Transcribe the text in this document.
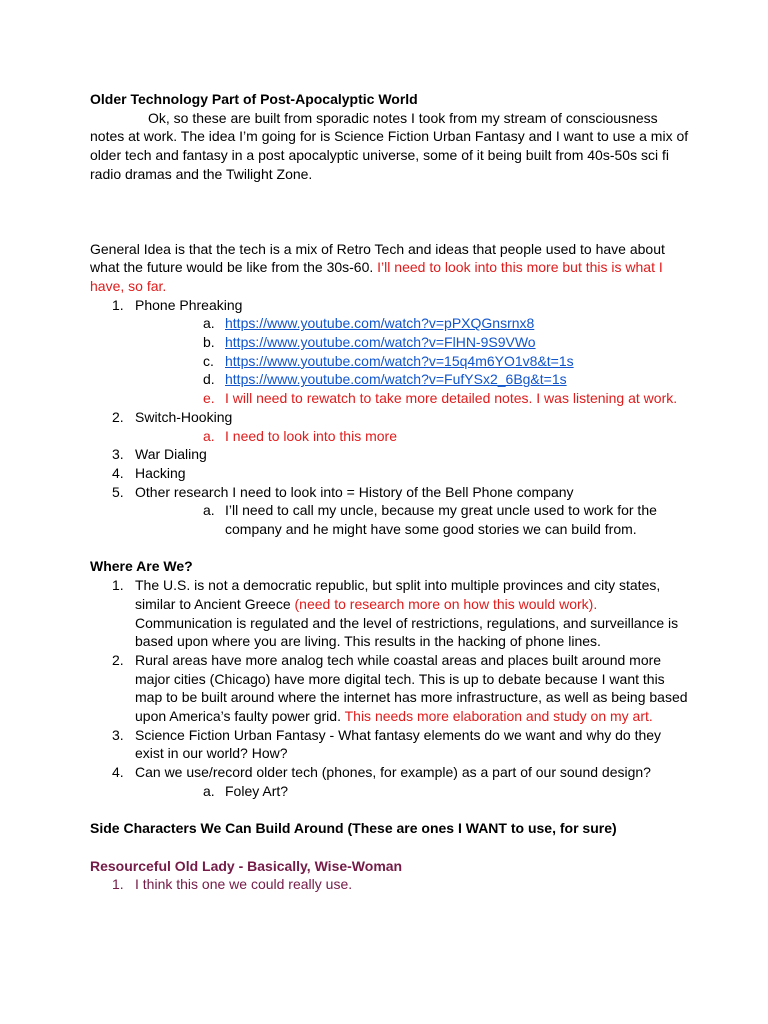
Older Technology Part of Post-Apocalyptic World

Ok, so these are built from sporadic notes I took from my stream of consciousness notes at work. The idea I’m going for is Science Fiction Urban Fantasy and I want to use a mix of older tech and fantasy in a post apocalyptic universe, some of it being built from 40s-50s sci fi radio dramas and the Twilight Zone.

General Idea is that the tech is a mix of Retro Tech and ideas that people used to have about what the future would be like from the 30s-60. I’ll need to look into this more but this is what I have, so far.

1. Phone Phreaking
a. https://www.youtube.com/watch?v=pPXQGnsrnx8
b. https://www.youtube.com/watch?v=FlHN-9S9VWo
c. https://www.youtube.com/watch?v=15q4m6YO1v8&t=1s
d. https://www.youtube.com/watch?v=FufYSx2_6Bg&t=1s
e. I will need to rewatch to take more detailed notes. I was listening at work.
2. Switch-Hooking
a. I need to look into this more
3. War Dialing
4. Hacking
5. Other research I need to look into = History of the Bell Phone company
a. I’ll need to call my uncle, because my great uncle used to work for the company and he might have some good stories we can build from.

Where Are We?

1. The U.S. is not a democratic republic, but split into multiple provinces and city states, similar to Ancient Greece (need to research more on how this would work). Communication is regulated and the level of restrictions, regulations, and surveillance is based upon where you are living. This results in the hacking of phone lines.
2. Rural areas have more analog tech while coastal areas and places built around more major cities (Chicago) have more digital tech. This is up to debate because I want this map to be built around where the internet has more infrastructure, as well as being based upon America’s faulty power grid. This needs more elaboration and study on my art.
3. Science Fiction Urban Fantasy - What fantasy elements do we want and why do they exist in our world? How?
4. Can we use/record older tech (phones, for example) as a part of our sound design?
a. Foley Art?

Side Characters We Can Build Around (These are ones I WANT to use, for sure)

Resourceful Old Lady - Basically, Wise-Woman

1. I think this one we could really use.
